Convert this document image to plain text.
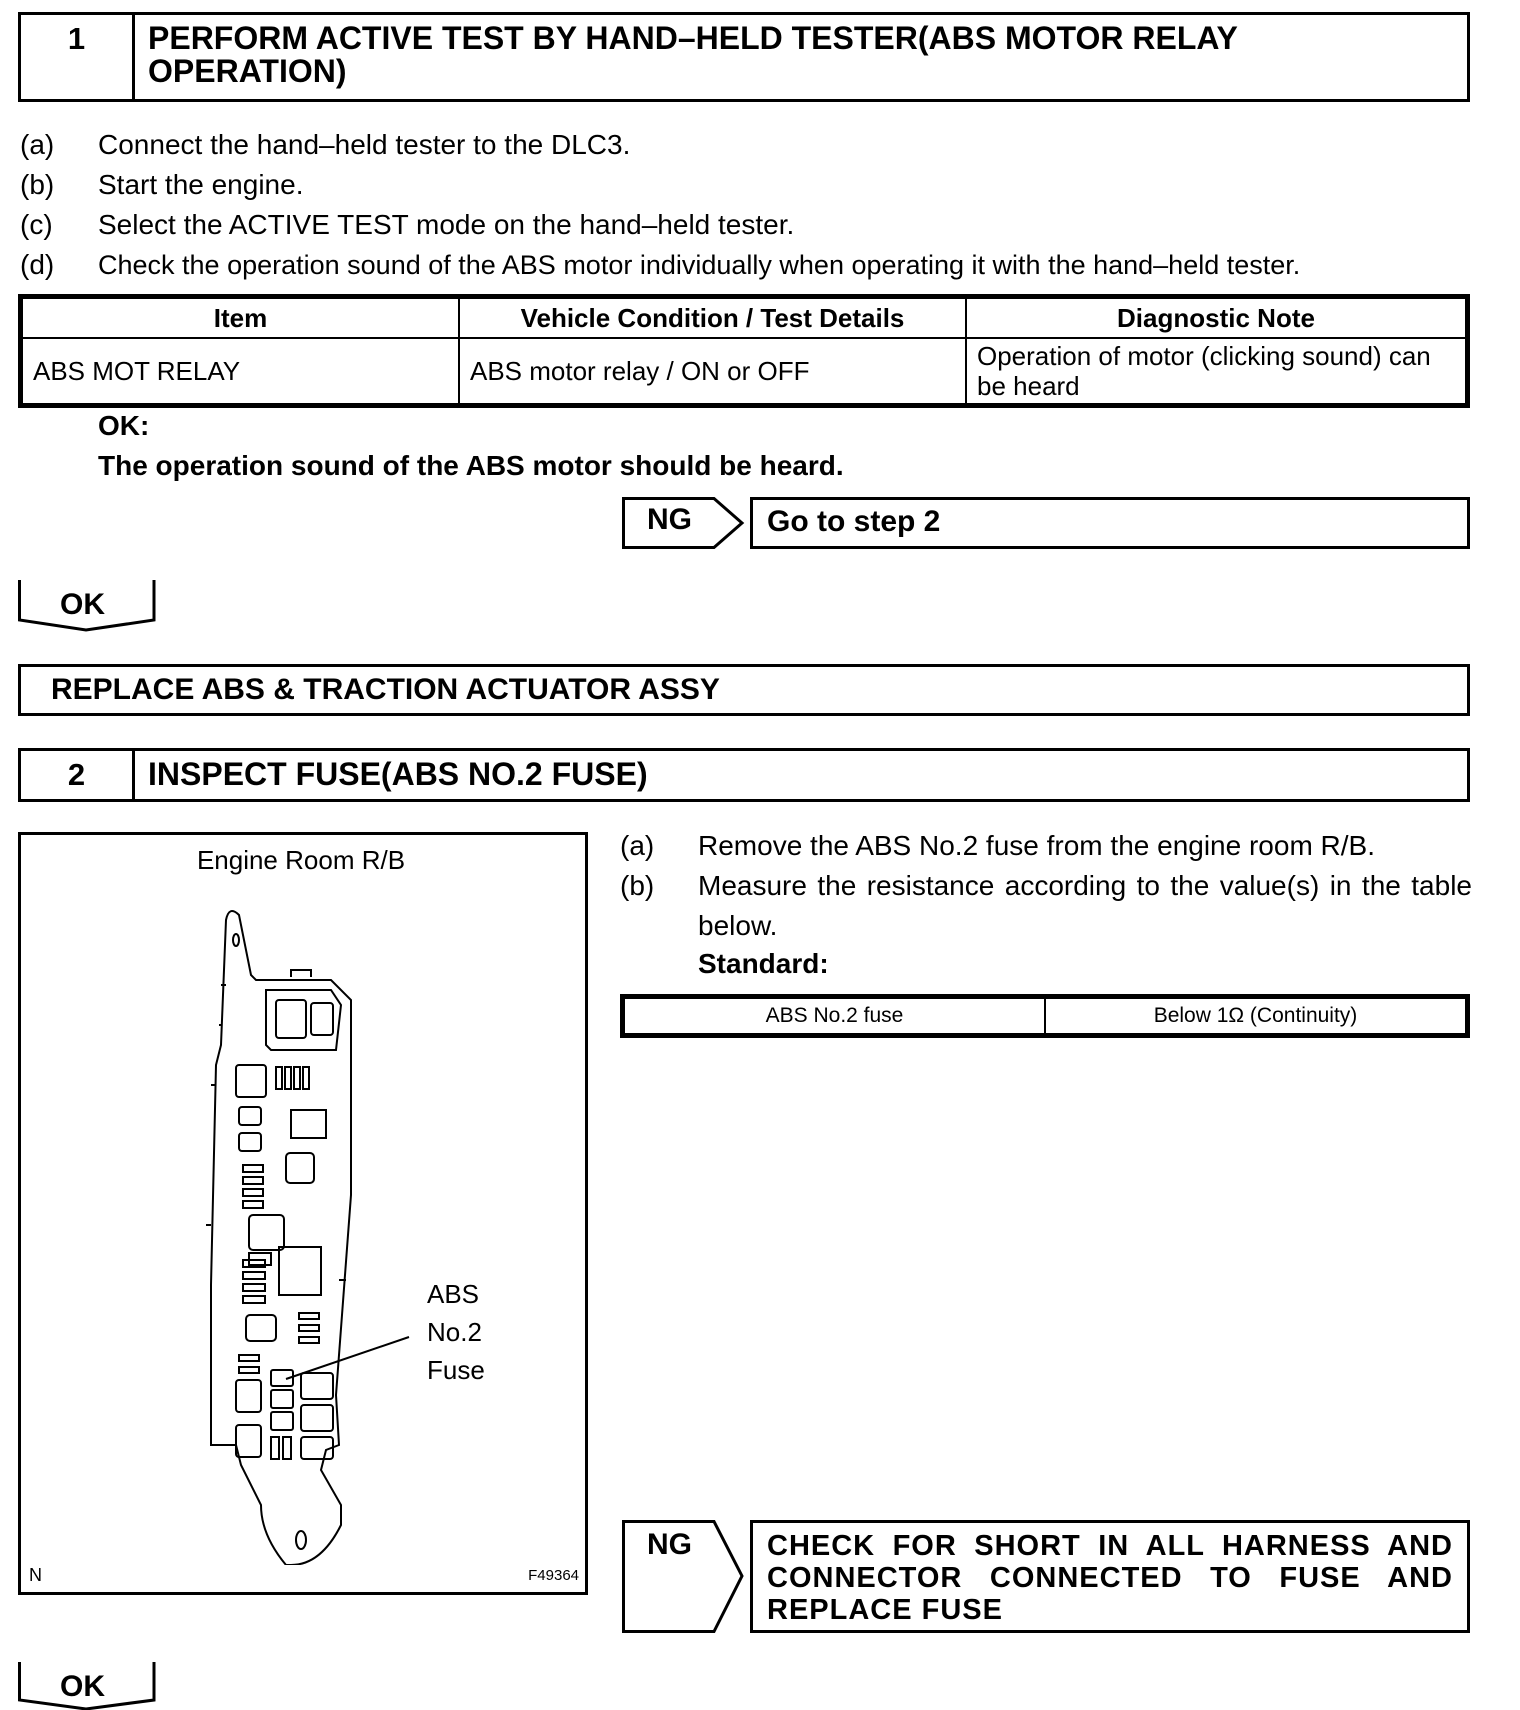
1	PERFORM ACTIVE TEST BY HAND–HELD TESTER(ABS MOTOR RELAY
OPERATION)
(a)	Connect the hand–held tester to the DLC3.
(b)	Start the engine.
(c)	Select the ACTIVE TEST mode on the hand–held tester.
(d)	Check the operation sound of the ABS motor individually when operating it with the hand–held tester.
Item	Vehicle Condition / Test Details	Diagnostic Note
ABS MOT RELAY	ABS motor relay / ON or OFF	Operation of motor (clicking sound) can be heard
OK:
The operation sound of the ABS motor should be heard.
NG	Go to step 2
OK
REPLACE ABS & TRACTION ACTUATOR ASSY
2	INSPECT FUSE(ABS NO.2 FUSE)
Engine Room R/B
ABS
No.2
Fuse
N	F49364
(a)	Remove the ABS No.2 fuse from the engine room R/B.
(b)	Measure the resistance according to the value(s) in the table below.
Standard:
ABS No.2 fuse	Below 1Ω (Continuity)
NG	CHECK FOR SHORT IN ALL HARNESS AND CONNECTOR CONNECTED TO FUSE AND REPLACE FUSE
OK
